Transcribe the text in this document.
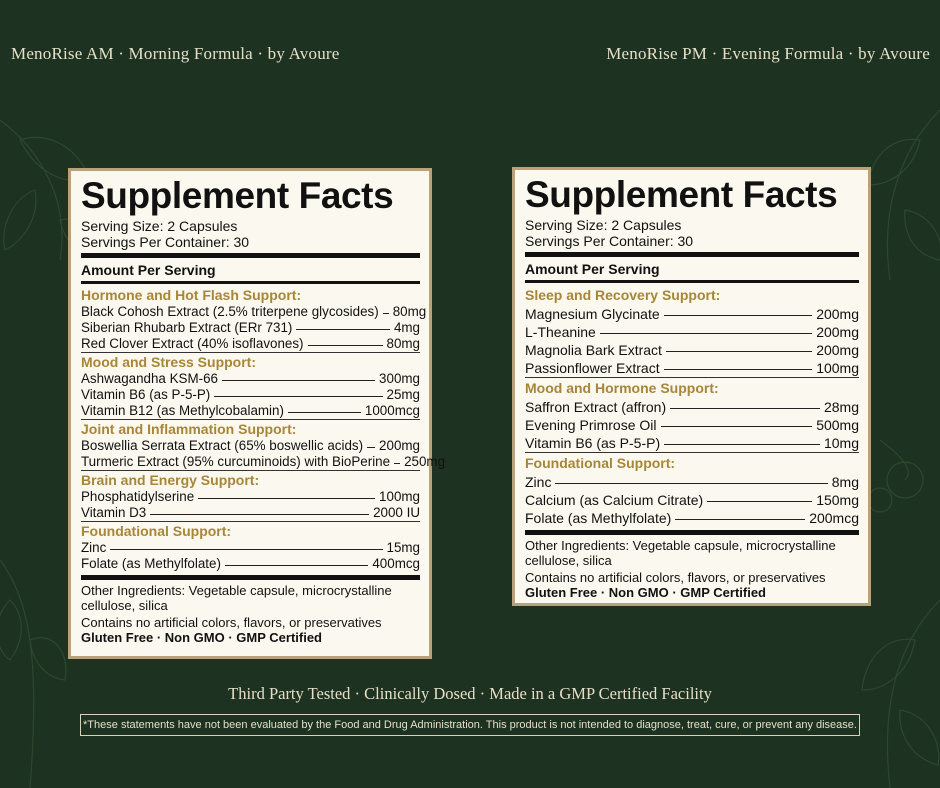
MenoRise AM · Morning Formula · by Avoure	MenoRise PM · Evening Formula · by Avoure
Supplement Facts
Serving Size: 2 Capsules
Servings Per Container: 30
Amount Per Serving
Hormone and Hot Flash Support:
Black Cohosh Extract (2.5% triterpene glycosides) 80mg
Siberian Rhubarb Extract (ERr 731)	4mg
Red Clover Extract (40% isoflavones)	80mg
Mood and Stress Support:
Ashwagandha KSM-66	300mg
Vitamin B6 (as P-5-P)	25mg
Vitamin B12 (as Methylcobalamin)	1000mcg
Joint and Inflammation Support:
Boswellia Serrata Extract (65% boswellic acids) 200mg
Turmeric Extract (95% curcuminoids) with BioPerine 250mg
Brain and Energy Support:
Phosphatidylserine	100mg
Vitamin D3	2000 IU
Foundational Support:
Zinc	15mg
Folate (as Methylfolate)	400mcg
Other Ingredients: Vegetable capsule, microcrystalline cellulose, silica
Contains no artificial colors, flavors, or preservatives
Gluten Free · Non GMO · GMP Certified
Supplement Facts
Serving Size: 2 Capsules
Servings Per Container: 30
Amount Per Serving
Sleep and Recovery Support:
Magnesium Glycinate	200mg
L-Theanine	200mg
Magnolia Bark Extract	200mg
Passionflower Extract	100mg
Mood and Hormone Support:
Saffron Extract (affron)	28mg
Evening Primrose Oil	500mg
Vitamin B6 (as P-5-P)	10mg
Foundational Support:
Zinc	8mg
Calcium (as Calcium Citrate)	150mg
Folate (as Methylfolate)	200mcg
Other Ingredients: Vegetable capsule, microcrystalline cellulose, silica
Contains no artificial colors, flavors, or preservatives
Gluten Free · Non GMO · GMP Certified
Third Party Tested · Clinically Dosed · Made in a GMP Certified Facility
*These statements have not been evaluated by the Food and Drug Administration. This product is not intended to diagnose, treat, cure, or prevent any disease.
